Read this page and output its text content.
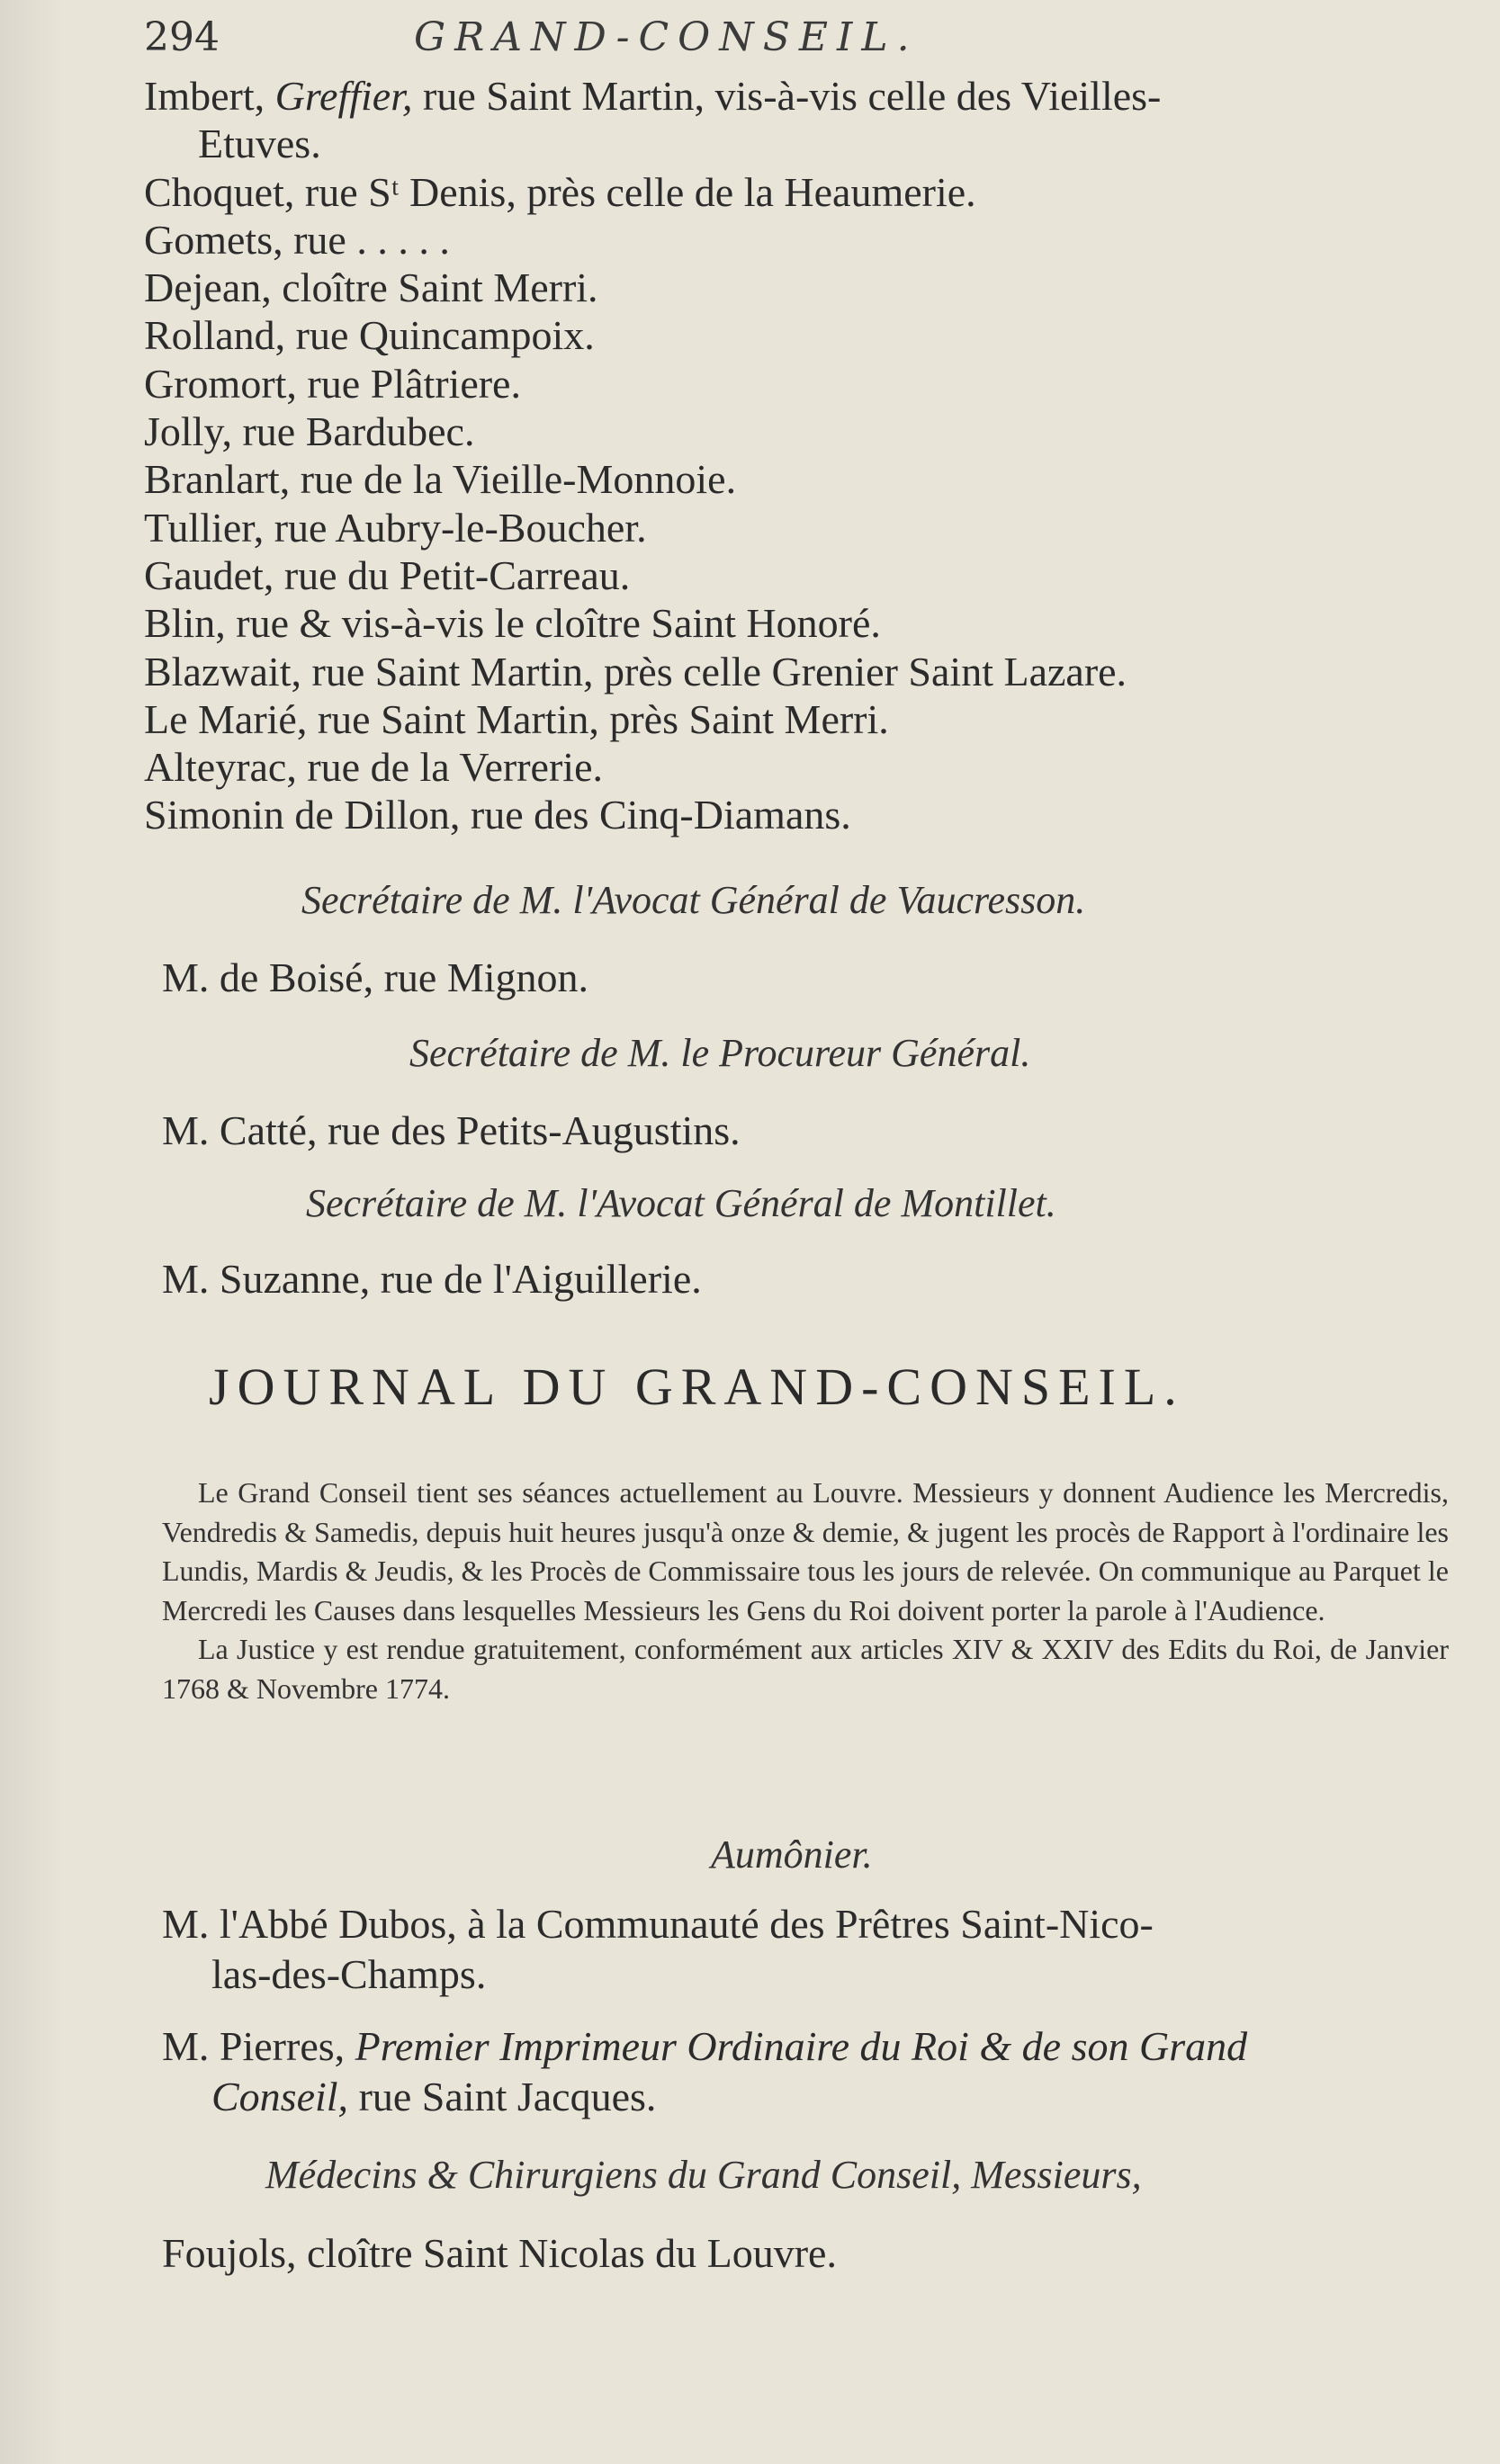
294	GRAND-CONSEIL.
Imbert, Greffier, rue Saint Martin, vis-à-vis celle des Vieilles-
Etuves.
Choquet, rue Sᵗ Denis, près celle de la Heaumerie.
Gomets, rue . . . . .
Dejean, cloître Saint Merri.
Rolland, rue Quincampoix.
Gromort, rue Plâtriere.
Jolly, rue Bardubec.
Branlart, rue de la Vieille-Monnoie.
Tullier, rue Aubry-le-Boucher.
Gaudet, rue du Petit-Carreau.
Blin, rue & vis-à-vis le cloître Saint Honoré.
Blazwait, rue Saint Martin, près celle Grenier Saint Lazare.
Le Marié, rue Saint Martin, près Saint Merri.
Alteyrac, rue de la Verrerie.
Simonin de Dillon, rue des Cinq-Diamans.
Secrétaire de M. l'Avocat Général de Vaucresson.
M. de Boisé, rue Mignon.
Secrétaire de M. le Procureur Général.
M. Catté, rue des Petits-Augustins.
Secrétaire de M. l'Avocat Général de Montillet.
M. Suzanne, rue de l'Aiguillerie.
JOURNAL DU GRAND-CONSEIL.

Le Grand Conseil tient ses séances actuellement au Louvre. Messieurs y donnent Audience les Mercredis, Vendredis & Samedis, depuis huit heures jusqu'à onze & demie, & jugent les procès de Rapport à l'ordinaire les Lundis, Mardis & Jeudis, & les Procès de Commissaire tous les jours de relevée. On communique au Parquet le Mercredi les Causes dans lesquelles Messieurs les Gens du Roi doivent porter la parole à l'Audience.

La Justice y est rendue gratuitement, conformément aux articles XIV & XXIV des Edits du Roi, de Janvier 1768 & Novembre 1774.

Aumônier.
M. l'Abbé Dubos, à la Communauté des Prêtres Saint-Nico-
las-des-Champs.
M. Pierres, Premier Imprimeur Ordinaire du Roi & de son Grand
Conseil, rue Saint Jacques.
Médecins & Chirurgiens du Grand Conseil, Messieurs,
Foujols, cloître Saint Nicolas du Louvre.
